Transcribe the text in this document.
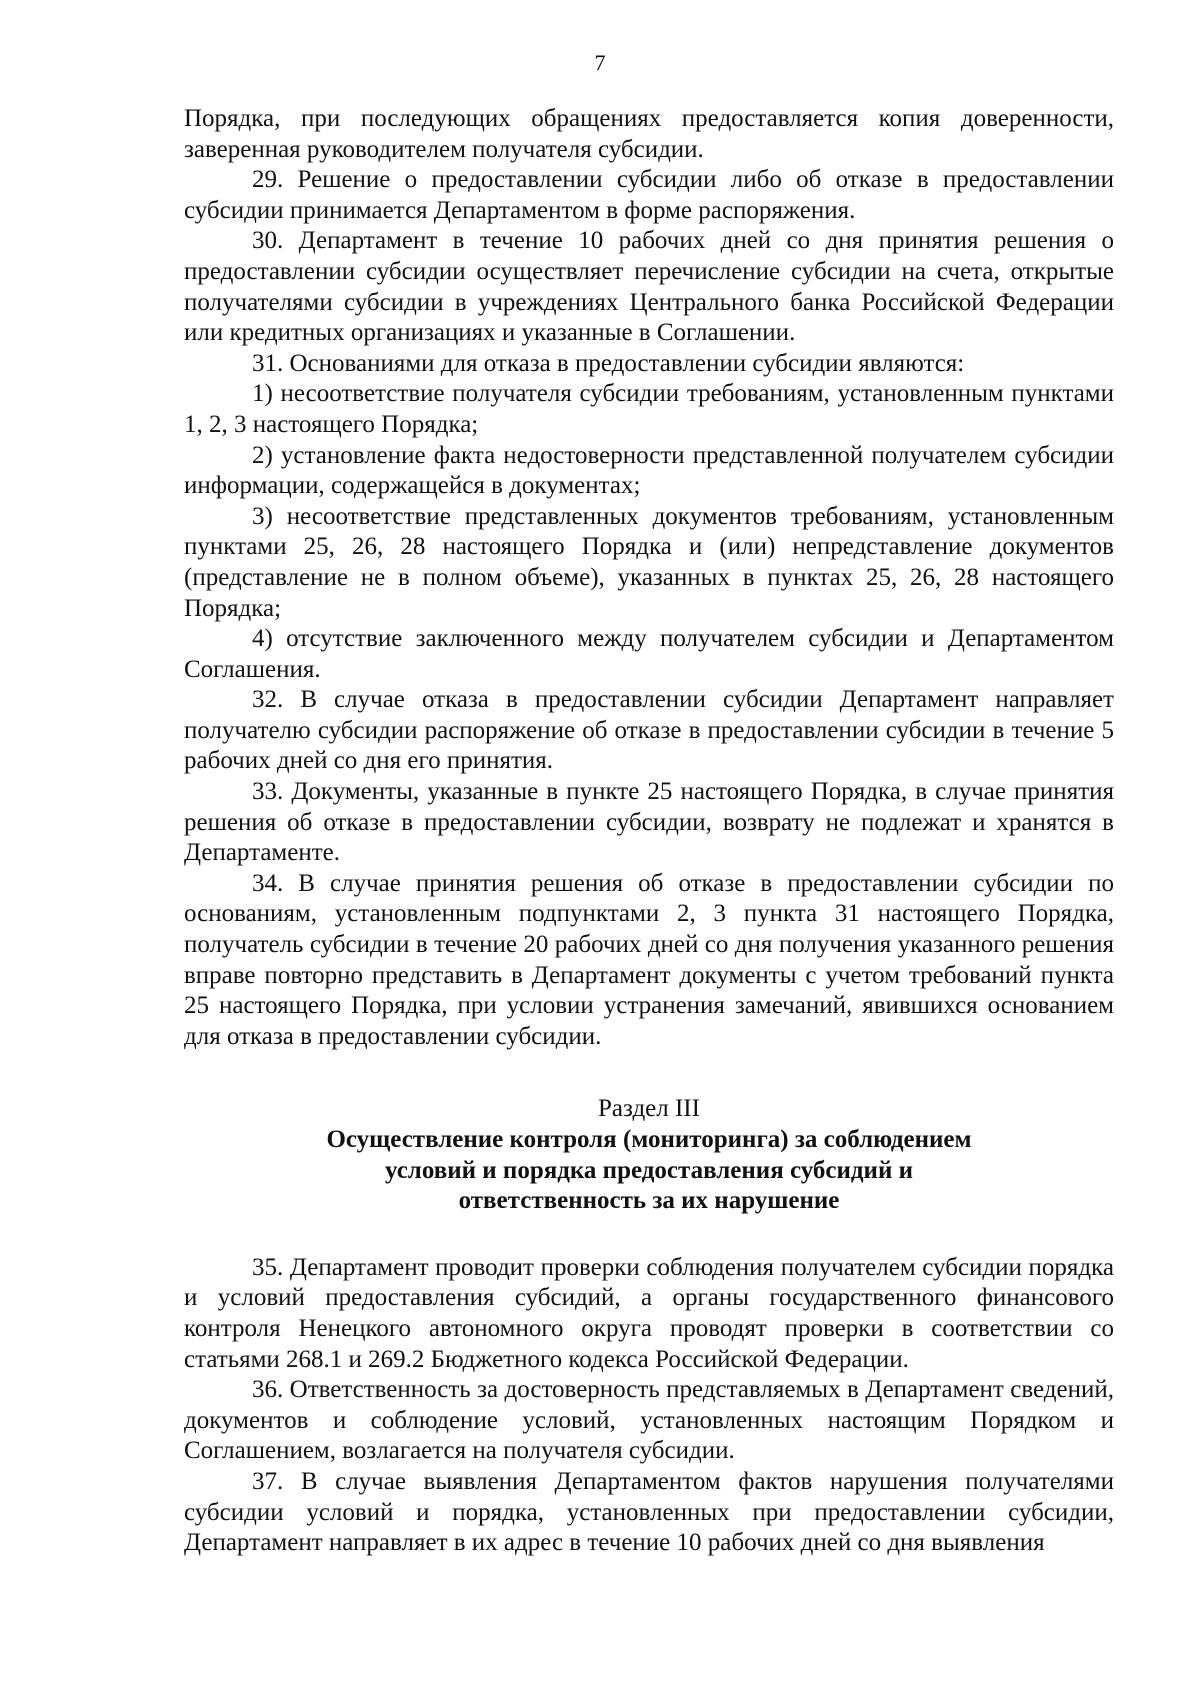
7

Порядка, при последующих обращениях предоставляется копия доверенности, заверенная руководителем получателя субсидии.

29. Решение о предоставлении субсидии либо об отказе в предоставлении субсидии принимается Департаментом в форме распоряжения.

30. Департамент в течение 10 рабочих дней со дня принятия решения о предоставлении субсидии осуществляет перечисление субсидии на счета, открытые получателями субсидии в учреждениях Центрального банка Российской Федерации или кредитных организациях и указанные в Соглашении.

31. Основаниями для отказа в предоставлении субсидии являются:

1) несоответствие получателя субсидии требованиям, установленным пунктами 1, 2, 3 настоящего Порядка;

2) установление факта недостоверности представленной получателем субсидии информации, содержащейся в документах;

3) несоответствие представленных документов требованиям, установленным пунктами 25, 26, 28 настоящего Порядка и (или) непредставление документов (представление не в полном объеме), указанных в пунктах 25, 26, 28 настоящего Порядка;

4) отсутствие заключенного между получателем субсидии и Департаментом Соглашения.

32. В случае отказа в предоставлении субсидии Департамент направляет получателю субсидии распоряжение об отказе в предоставлении субсидии в течение 5 рабочих дней со дня его принятия.

33. Документы, указанные в пункте 25 настоящего Порядка, в случае принятия решения об отказе в предоставлении субсидии, возврату не подлежат и хранятся в Департаменте.

34. В случае принятия решения об отказе в предоставлении субсидии по основаниям, установленным подпунктами 2, 3 пункта 31 настоящего Порядка, получатель субсидии в течение 20 рабочих дней со дня получения указанного решения вправе повторно представить в Департамент документы с учетом требований пункта 25 настоящего Порядка, при условии устранения замечаний, явившихся основанием для отказа в предоставлении субсидии.

Раздел III
Осуществление контроля (мониторинга) за соблюдением условий и порядка предоставления субсидий и ответственность за их нарушение

35. Департамент проводит проверки соблюдения получателем субсидии порядка и условий предоставления субсидий, а органы государственного финансового контроля Ненецкого автономного округа проводят проверки в соответствии со статьями 268.1 и 269.2 Бюджетного кодекса Российской Федерации.

36. Ответственность за достоверность представляемых в Департамент сведений, документов и соблюдение условий, установленных настоящим Порядком и Соглашением, возлагается на получателя субсидии.

37. В случае выявления Департаментом фактов нарушения получателями субсидии условий и порядка, установленных при предоставлении субсидии, Департамент направляет в их адрес в течение 10 рабочих дней со дня выявления
